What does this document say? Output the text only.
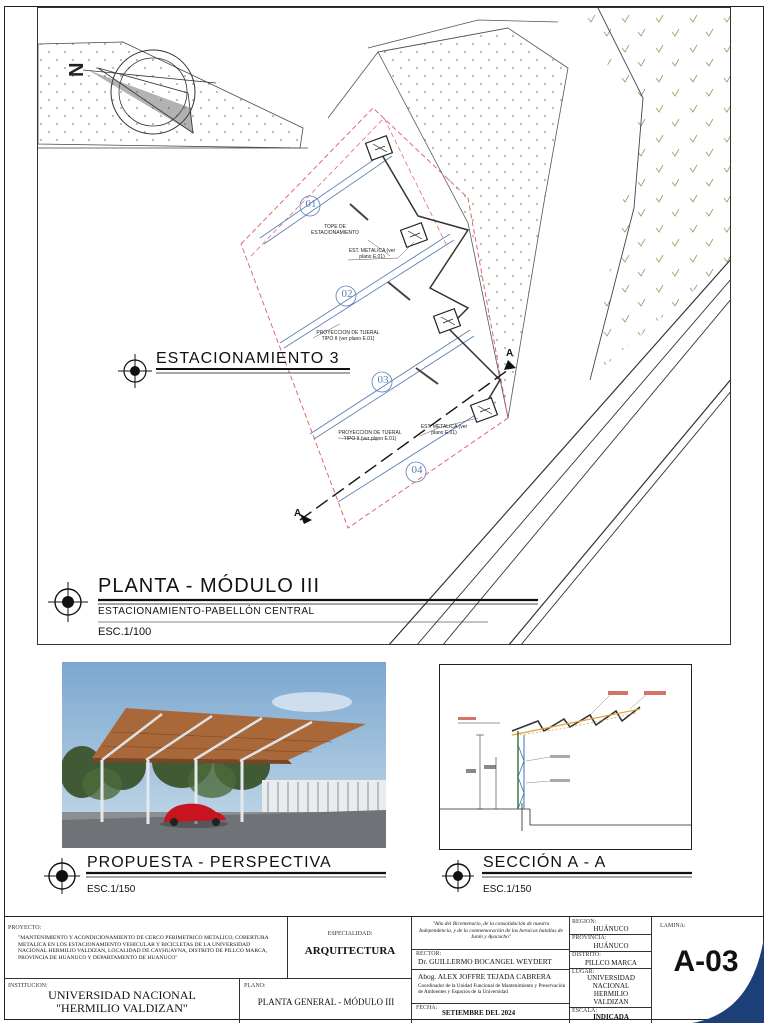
N
01
02
03
04
TOPE DE ESTACIONAMIENTO
EST. METALICA (ver plano E.01)
PROYECCION DE TIJERAL TIPO II (ver plano E.01)
EST. METALICA (ver plano E.01)
PROYECCION DE TIJERAL TIPO II (ver plano E.01)
A
A
ESTACIONAMIENTO 3
PLANTA - MÓDULO III
ESTACIONAMIENTO-PABELLÓN CENTRAL
ESC.1/100
PROPUESTA - PERSPECTIVA
ESC.1/150
SECCIÓN A - A
ESC.1/150
PROYECTO:
"MANTENIMIENTO Y ACONDICIONAMIENTO DE CERCO PERIMETRICO METALICO, COBERTURA METALICA EN LOS ESTACIONAMIENTO VEHICULAR Y BICICLETAS DE LA UNIVERSIDAD NACIONAL HERMILIO VALDIZAN, LOCALIDAD DE CAYHUAYNA, DISTRITO DE PILLCO MARCA, PROVINCIA DE HUANUCO Y DEPARTAMENTO DE HUANUCO"
INSTITUCION:
UNIVERSIDAD NACIONAL
"HERMILIO VALDIZAN"
ESPECIALIDAD:
ARQUITECTURA
PLANO:
PLANTA GENERAL - MÓDULO III
"Año del Bicentenario, de la consolidación de nuestra Independencia, y de la conmemoración de las heroicas batallas de Junín y Ayacucho"
RECTOR:
Dr. GUILLERMO BOCANGEL WEYDERT
Abog. ALEX JOFFRE TEJADA CABRERA
Coordinador de la Unidad Funcional de Mantenimiento y Preservación de Ambientes y Espacios de la Universidad
FECHA:
SETIEMBRE DEL 2024
REGION:
HUÁNUCO
PROVINCIA:
HUÁNUCO
DISTRITO:
PILLCO MARCA
LUGAR:
UNIVERSIDAD
NACIONAL
HERMILIO
VALDIZAN
ESCALA:
INDICADA
LAMINA:
A-03
